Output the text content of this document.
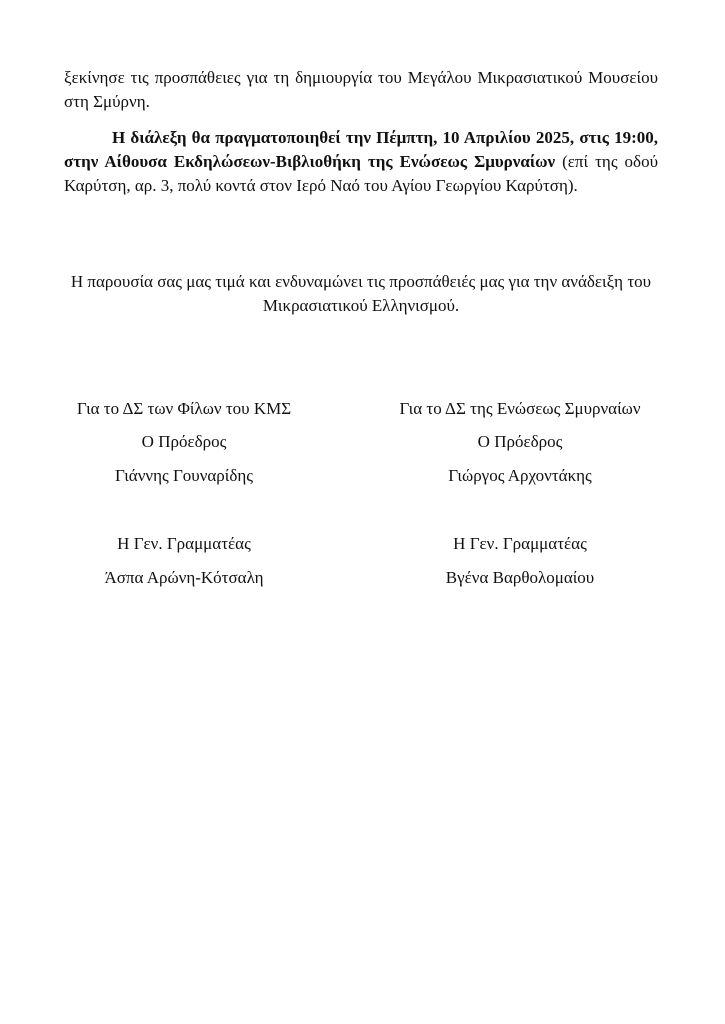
ξεκίνησε τις προσπάθειες για τη δημιουργία του Μεγάλου Μικρασιατικού Μουσείου στη Σμύρνη.
Η διάλεξη θα πραγματοποιηθεί την Πέμπτη, 10 Απριλίου 2025, στις 19:00, στην Αίθουσα Εκδηλώσεων-Βιβλιοθήκη της Ενώσεως Σμυρναίων (επί της οδού Καρύτση, αρ. 3, πολύ κοντά στον Ιερό Ναό του Αγίου Γεωργίου Καρύτση).
Η παρουσία σας μας τιμά και ενδυναμώνει τις προσπάθειές μας για την ανάδειξη του Μικρασιατικού Ελληνισμού.
Για το ΔΣ των Φίλων του ΚΜΣ
Ο Πρόεδρος
Γιάννης Γουναρίδης
Η Γεν. Γραμματέας
Άσπα Αρώνη-Κότσαλη
Για το ΔΣ της Ενώσεως Σμυρναίων
Ο Πρόεδρος
Γιώργος Αρχοντάκης
Η Γεν. Γραμματέας
Βγένα Βαρθολομαίου
